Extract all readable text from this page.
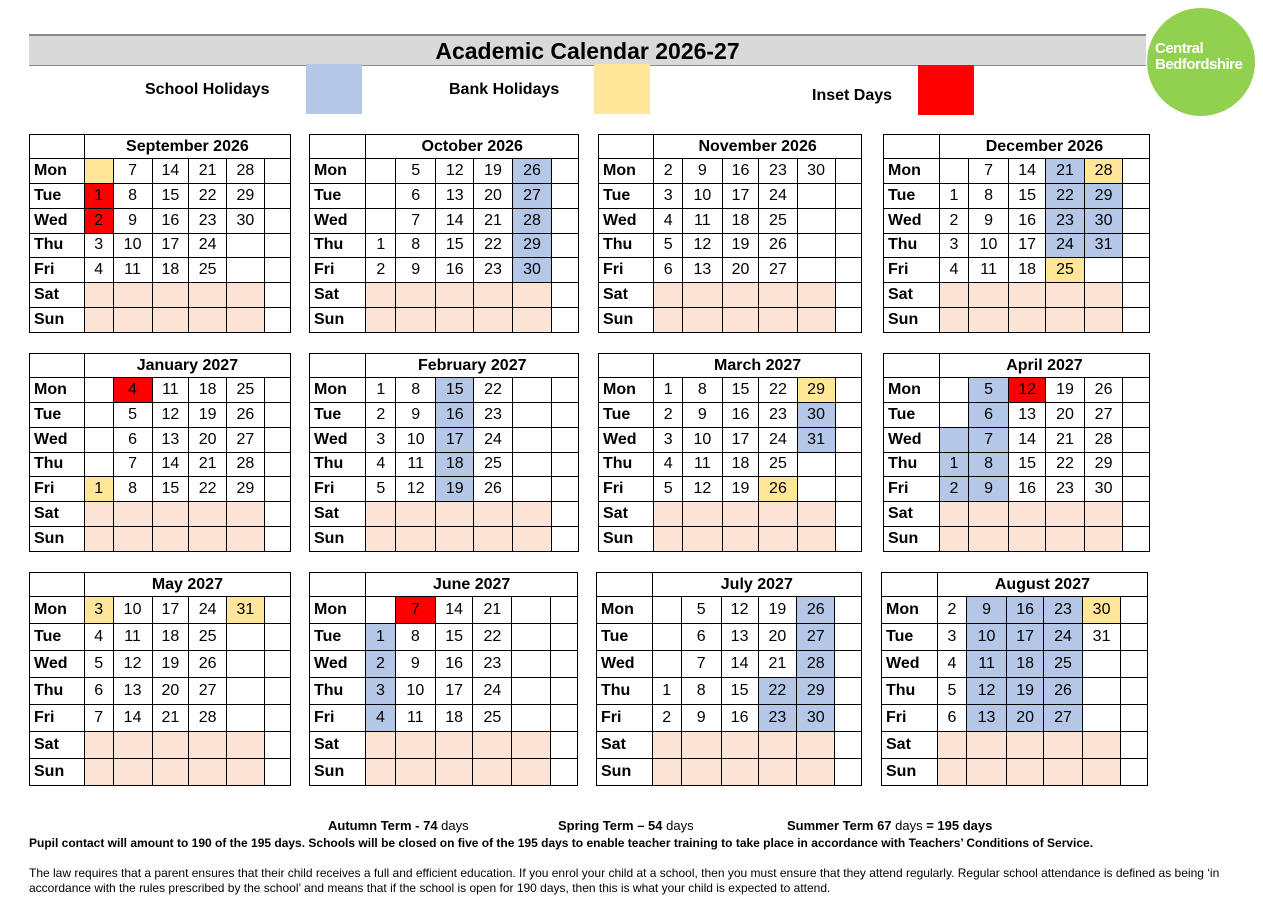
Academic Calendar 2026-27	Central
Bedfordshire
School Holidays	Bank Holidays	Inset Days
	September 2026					
Mon		7	14	21	28	
Tue	1	8	15	22	29	
Wed	2	9	16	23	30	
Thu	3	10	17	24		
Fri	4	11	18	25		
Sat						
Sun						
	October 2026					
Mon		5	12	19	26	
Tue		6	13	20	27	
Wed		7	14	21	28	
Thu	1	8	15	22	29	
Fri	2	9	16	23	30	
Sat						
Sun						
	November 2026					
Mon	2	9	16	23	30	
Tue	3	10	17	24		
Wed	4	11	18	25		
Thu	5	12	19	26		
Fri	6	13	20	27		
Sat						
Sun						
	December 2026					
Mon		7	14	21	28	
Tue	1	8	15	22	29	
Wed	2	9	16	23	30	
Thu	3	10	17	24	31	
Fri	4	11	18	25		
Sat						
Sun						
	January 2027					
Mon		4	11	18	25	
Tue		5	12	19	26	
Wed		6	13	20	27	
Thu		7	14	21	28	
Fri	1	8	15	22	29	
Sat						
Sun						
	February 2027					
Mon	1	8	15	22		
Tue	2	9	16	23		
Wed	3	10	17	24		
Thu	4	11	18	25		
Fri	5	12	19	26		
Sat						
Sun						
	March 2027					
Mon	1	8	15	22	29	
Tue	2	9	16	23	30	
Wed	3	10	17	24	31	
Thu	4	11	18	25		
Fri	5	12	19	26		
Sat						
Sun						
	April 2027					
Mon		5	12	19	26	
Tue		6	13	20	27	
Wed		7	14	21	28	
Thu	1	8	15	22	29	
Fri	2	9	16	23	30	
Sat						
Sun						
	May 2027					
Mon	3	10	17	24	31	
Tue	4	11	18	25		
Wed	5	12	19	26		
Thu	6	13	20	27		
Fri	7	14	21	28		
Sat						
Sun						
	June 2027					
Mon		7	14	21		
Tue	1	8	15	22		
Wed	2	9	16	23		
Thu	3	10	17	24		
Fri	4	11	18	25		
Sat						
Sun						
	July 2027					
Mon		5	12	19	26	
Tue		6	13	20	27	
Wed		7	14	21	28	
Thu	1	8	15	22	29	
Fri	2	9	16	23	30	
Sat						
Sun						
	August 2027					
Mon	2	9	16	23	30	
Tue	3	10	17	24	31	
Wed	4	11	18	25		
Thu	5	12	19	26		
Fri	6	13	20	27		
Sat						
Sun						
Autumn Term - 74 days	Spring Term – 54 days	Summer Term 67 days = 195 days
Pupil contact will amount to 190 of the 195 days. Schools will be closed on five of the 195 days to enable teacher training to take place in accordance with Teachers’ Conditions of Service.
The law requires that a parent ensures that their child receives a full and efficient education. If you enrol your child at a school, then you must ensure that they attend regularly. Regular school attendance is defined as being ‘in accordance with the rules prescribed by the school’ and means that if the school is open for 190 days, then this is what your child is expected to attend.
